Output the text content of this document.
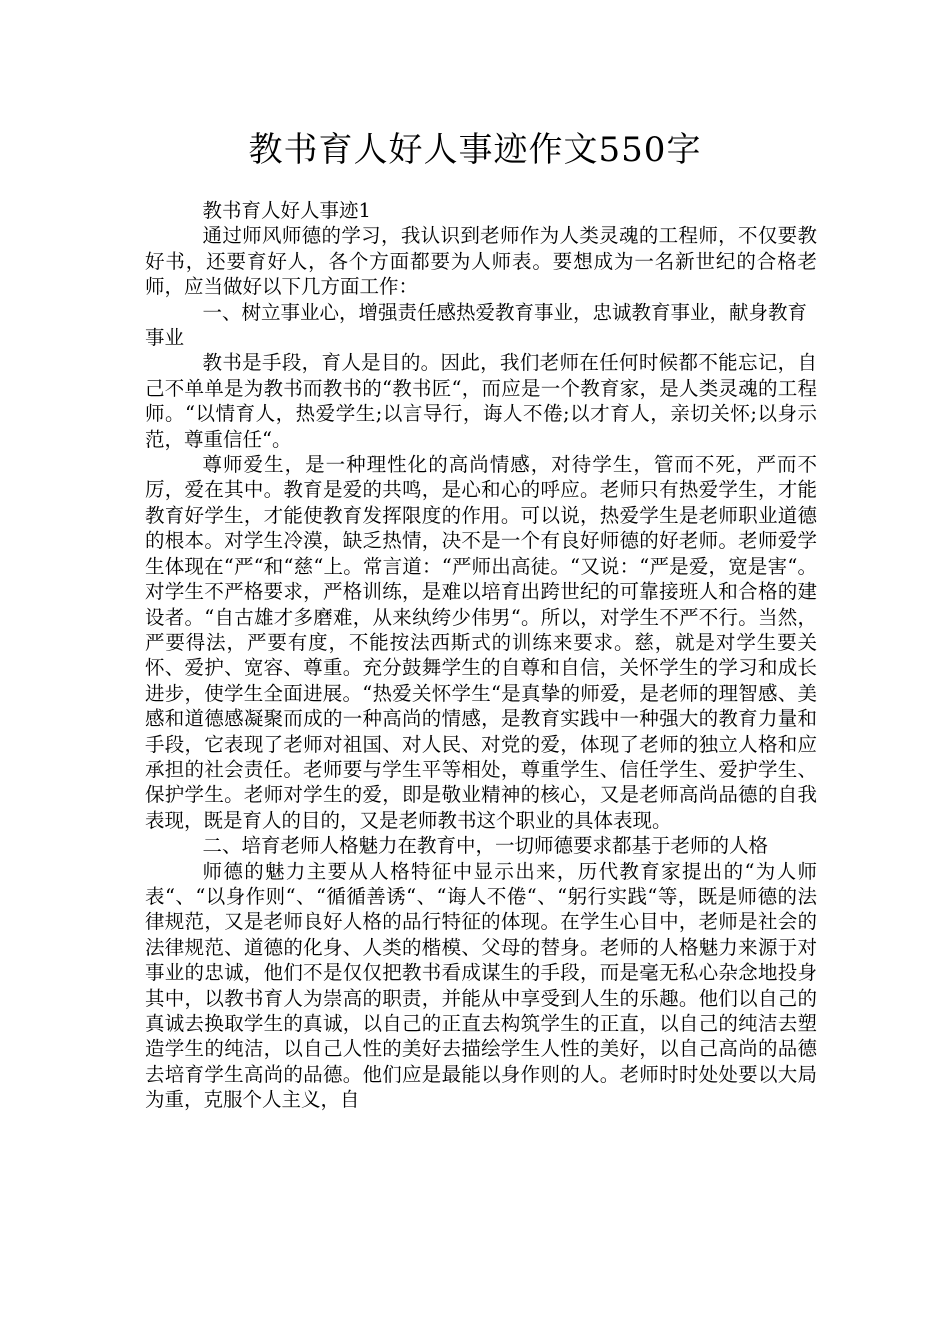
教书育人好人事迹作文550字

教书育人好人事迹1

通过师风师德的学习，我认识到老师作为人类灵魂的工程师，不仅要教好书，还要育好人，各个方面都要为人师表。要想成为一名新世纪的合格老师，应当做好以下几方面工作：

一、树立事业心，增强责任感热爱教育事业，忠诚教育事业，献身教育事业

教书是手段，育人是目的。因此，我们老师在任何时候都不能忘记，自己不单单是为教书而教书的“教书匠“，而应是一个教育家，是人类灵魂的工程师。“以情育人，热爱学生;以言导行，诲人不倦;以才育人，亲切关怀;以身示范，尊重信任“。

尊师爱生，是一种理性化的高尚情感，对待学生，管而不死，严而不厉，爱在其中。教育是爱的共鸣，是心和心的呼应。老师只有热爱学生，才能教育好学生，才能使教育发挥限度的作用。可以说，热爱学生是老师职业道德的根本。对学生冷漠，缺乏热情，决不是一个有良好师德的好老师。老师爱学生体现在“严“和“慈“上。常言道：“严师出高徒。“又说：“严是爱，宽是害“。对学生不严格要求，严格训练，是难以培育出跨世纪的可靠接班人和合格的建设者。“自古雄才多磨难，从来纨绔少伟男“。所以，对学生不严不行。当然，严要得法，严要有度，不能按法西斯式的训练来要求。慈，就是对学生要关怀、爱护、宽容、尊重。充分鼓舞学生的自尊和自信，关怀学生的学习和成长进步，使学生全面进展。“热爱关怀学生“是真挚的师爱，是老师的理智感、美感和道德感凝聚而成的一种高尚的情感，是教育实践中一种强大的教育力量和手段，它表现了老师对祖国、对人民、对党的爱，体现了老师的独立人格和应承担的社会责任。老师要与学生平等相处，尊重学生、信任学生、爱护学生、保护学生。老师对学生的爱，即是敬业精神的核心，又是老师高尚品德的自我表现，既是育人的目的，又是老师教书这个职业的具体表现。

二、培育老师人格魅力在教育中，一切师德要求都基于老师的人格

师德的魅力主要从人格特征中显示出来，历代教育家提出的“为人师表“、“以身作则“、“循循善诱“、“诲人不倦“、“躬行实践“等，既是师德的法律规范，又是老师良好人格的品行特征的体现。在学生心目中，老师是社会的法律规范、道德的化身、人类的楷模、父母的替身。老师的人格魅力来源于对事业的忠诚，他们不是仅仅把教书看成谋生的手段，而是毫无私心杂念地投身其中，以教书育人为崇高的职责，并能从中享受到人生的乐趣。他们以自己的真诚去换取学生的真诚，以自己的正直去构筑学生的正直，以自己的纯洁去塑造学生的纯洁，以自己人性的美好去描绘学生人性的美好，以自己高尚的品德去培育学生高尚的品德。他们应是最能以身作则的人。老师时时处处要以大局为重，克服个人主义，自
